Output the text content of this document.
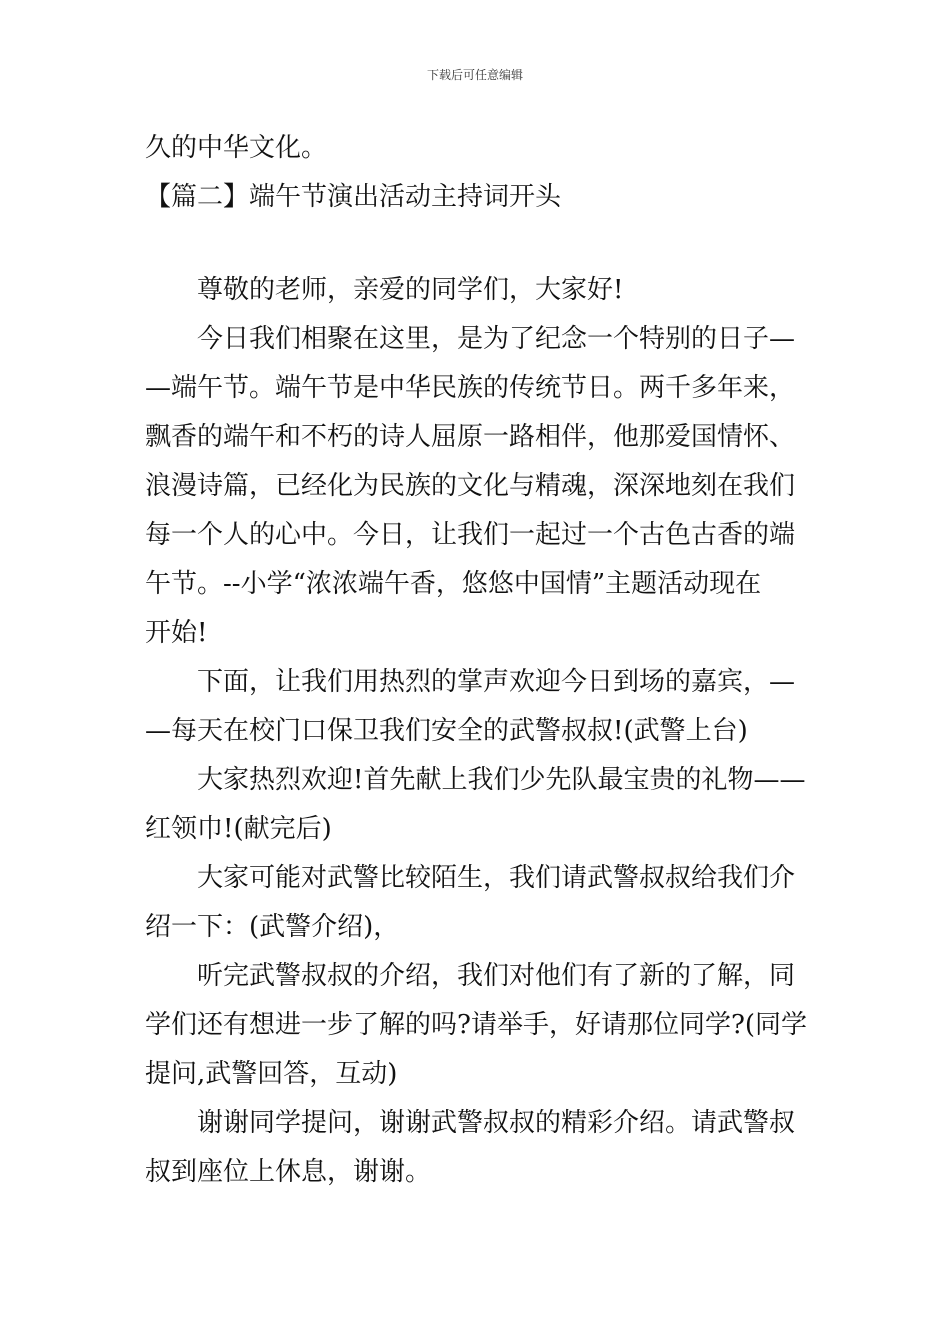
下载后可任意编辑

久的中华文化。

【篇二】端午节演出活动主持词开头

尊敬的老师，亲爱的同学们，大家好!

今日我们相聚在这里，是为了纪念一个特别的日子—

—端午节。端午节是中华民族的传统节日。两千多年来，
飘香的端午和不朽的诗人屈原一路相伴，他那爱国情怀、
浪漫诗篇，已经化为民族的文化与精魂，深深地刻在我们
每一个人的心中。今日，让我们一起过一个古色古香的端
午节。--小学“浓浓端午香，悠悠中国情”主题活动现在
开始!

下面，让我们用热烈的掌声欢迎今日到场的嘉宾，—

—每天在校门口保卫我们安全的武警叔叔!(武警上台)

大家热烈欢迎!首先献上我们少先队最宝贵的礼物——

红领巾!(献完后)

大家可能对武警比较陌生，我们请武警叔叔给我们介

绍一下：(武警介绍)，

听完武警叔叔的介绍，我们对他们有了新的了解，同

学们还有想进一步了解的吗?请举手，好请那位同学?(同学
提问,武警回答，互动)

谢谢同学提问，谢谢武警叔叔的精彩介绍。请武警叔

叔到座位上休息，谢谢。
